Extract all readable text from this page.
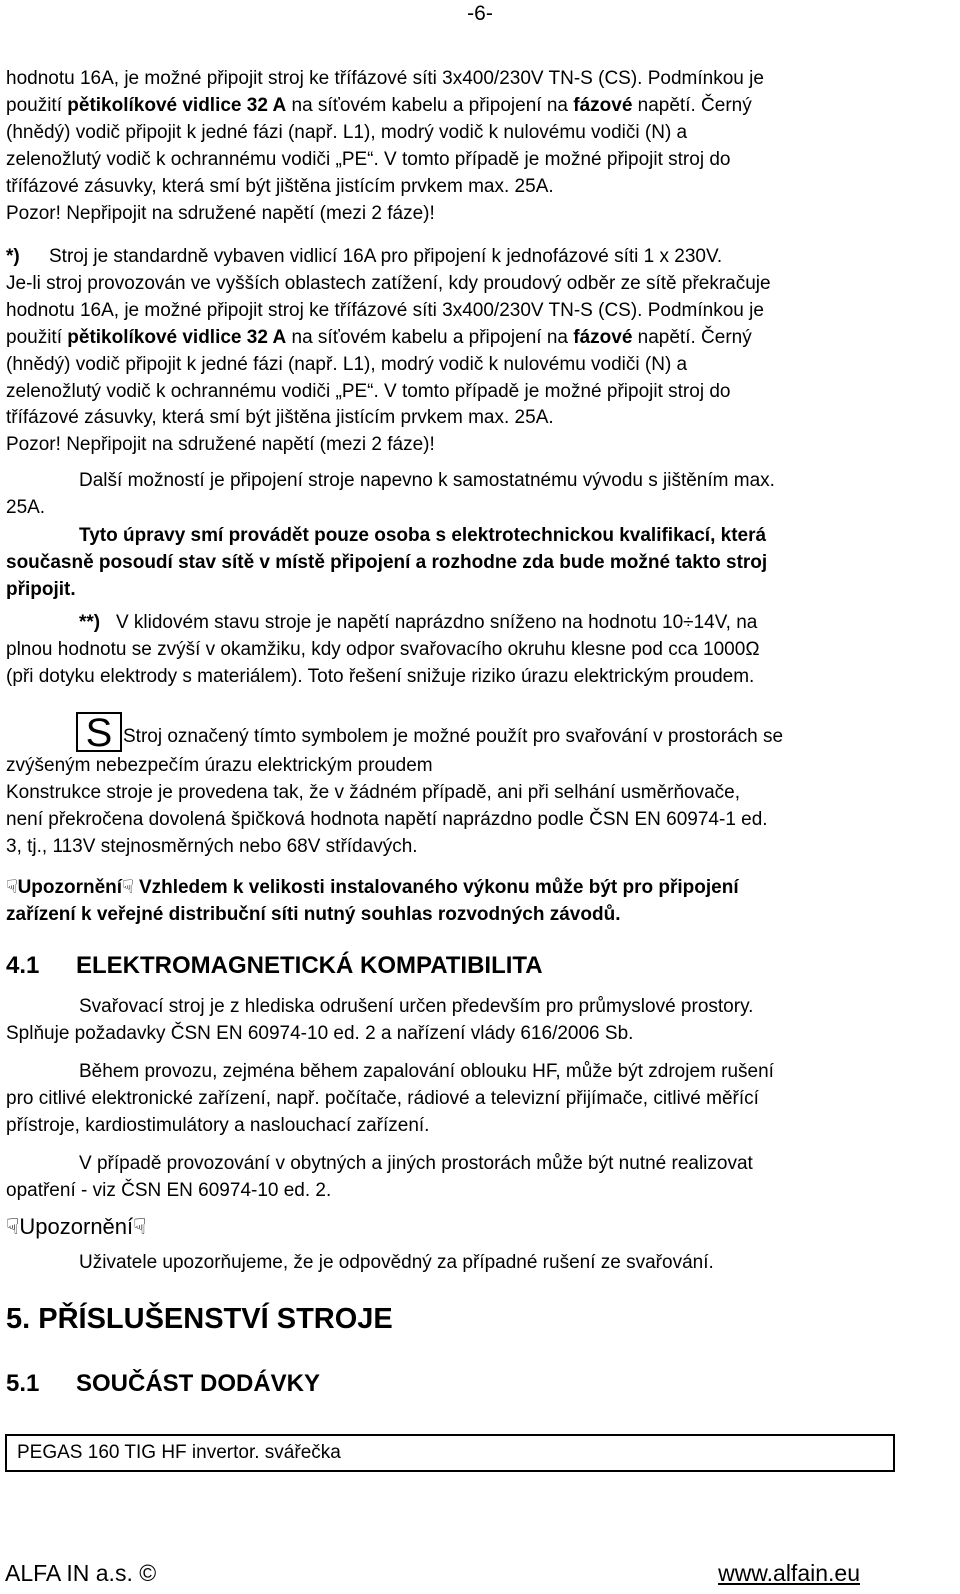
-6-

hodnotu 16A, je možné připojit stroj ke třífázové síti 3x400/230V TN-S (CS). Podmínkou je

použití pětikolíkové vidlice 32 A na síťovém kabelu a připojení na fázové napětí. Černý

(hnědý) vodič připojit k jedné fázi (např. L1), modrý vodič k nulovému vodiči (N) a

zelenožlutý vodič k ochrannému vodiči „PE“. V tomto případě je možné připojit stroj do

třífázové zásuvky, která smí být jištěna jistícím prvkem max. 25A.

Pozor! Nepřipojit na sdružené napětí (mezi 2 fáze)!

*) Stroj je standardně vybaven vidlicí 16A pro připojení k jednofázové síti 1 x 230V.

Je-li stroj provozován ve vyšších oblastech zatížení, kdy proudový odběr ze sítě překračuje

hodnotu 16A, je možné připojit stroj ke třífázové síti 3x400/230V TN-S (CS). Podmínkou je

použití pětikolíkové vidlice 32 A na síťovém kabelu a připojení na fázové napětí. Černý

(hnědý) vodič připojit k jedné fázi (např. L1), modrý vodič k nulovému vodiči (N) a

zelenožlutý vodič k ochrannému vodiči „PE“. V tomto případě je možné připojit stroj do

třífázové zásuvky, která smí být jištěna jistícím prvkem max. 25A.

Pozor! Nepřipojit na sdružené napětí (mezi 2 fáze)!

Další možností je připojení stroje napevno k samostatnému vývodu s jištěním max.

25A.

Tyto úpravy smí provádět pouze osoba s elektrotechnickou kvalifikací, která

současně posoudí stav sítě v místě připojení a rozhodne zda bude možné takto stroj

připojit.

**) V klidovém stavu stroje je napětí naprázdno sníženo na hodnotu 10÷14V, na

plnou hodnotu se zvýší v okamžiku, kdy odpor svařovacího okruhu klesne pod cca 1000Ω

(při dotyku elektrody s materiálem). Toto řešení snižuje riziko úrazu elektrickým proudem.

S Stroj označený tímto symbolem je možné použít pro svařování v prostorách se

zvýšeným nebezpečím úrazu elektrickým proudem

Konstrukce stroje je provedena tak, že v žádném případě, ani při selhání usměrňovače,

není překročena dovolená špičková hodnota napětí naprázdno podle ČSN EN 60974-1 ed.

3, tj., 113V stejnosměrných nebo 68V střídavých.

☟Upozornění☟ Vzhledem k velikosti instalovaného výkonu může být pro připojení

zařízení k veřejné distribuční síti nutný souhlas rozvodných závodů.

4.1 ELEKTROMAGNETICKÁ KOMPATIBILITA

Svařovací stroj je z hlediska odrušení určen především pro průmyslové prostory.

Splňuje požadavky ČSN EN 60974-10 ed. 2 a nařízení vlády 616/2006 Sb.

Během provozu, zejména během zapalování oblouku HF, může být zdrojem rušení

pro citlivé elektronické zařízení, např. počítače, rádiové a televizní přijímače, citlivé měřící

přístroje, kardiostimulátory a naslouchací zařízení.

V případě provozování v obytných a jiných prostorách může být nutné realizovat

opatření - viz ČSN EN 60974-10 ed. 2.

☟Upozornění☟

Uživatele upozorňujeme, že je odpovědný za případné rušení ze svařování.

5. PŘÍSLUŠENSTVÍ STROJE
5.1 SOUČÁST DODÁVKY
PEGAS 160 TIG HF invertor. svářečka
ALFA IN a.s. ©	www.alfain.eu
